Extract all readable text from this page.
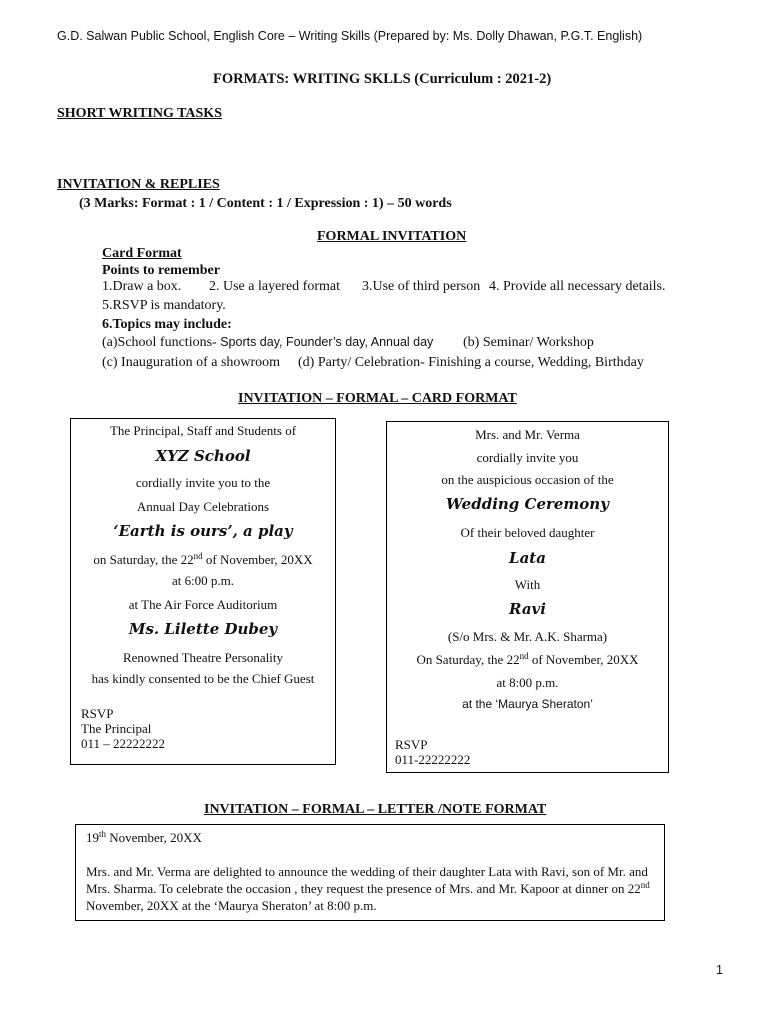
G.D. Salwan Public School, English Core – Writing Skills (Prepared by: Ms. Dolly Dhawan, P.G.T. English)
FORMATS: WRITING SKLLS (Curriculum : 2021-2)
SHORT WRITING TASKS
INVITATION & REPLIES
(3 Marks: Format : 1 / Content : 1 / Expression : 1) – 50 words
FORMAL INVITATION
Card Format
Points to remember
1.Draw a box. 2. Use a layered format 3.Use of third person 4. Provide all necessary details.
5.RSVP is mandatory.
6.Topics may include:
(a)School functions- Sports day, Founder’s day, Annual day (b) Seminar/ Workshop
(c) Inauguration of a showroom (d) Party/ Celebration- Finishing a course, Wedding, Birthday
INVITATION – FORMAL – CARD FORMAT
The Principal, Staff and Students of
XYZ School
cordially invite you to the
Annual Day Celebrations
‘Earth is ours’, a play
on Saturday, the 22nd of November, 20XX
at 6:00 p.m.
at The Air Force Auditorium
Ms. Lilette Dubey
Renowned Theatre Personality
has kindly consented to be the Chief Guest
RSVP
The Principal
011 – 22222222
Mrs. and Mr. Verma
cordially invite you
on the auspicious occasion of the
Wedding Ceremony
Of their beloved daughter
Lata
With
Ravi
(S/o Mrs. & Mr. A.K. Sharma)
On Saturday, the 22nd of November, 20XX
at 8:00 p.m.
at the ‘Maurya Sheraton’
RSVP
011-22222222
INVITATION – FORMAL – LETTER /NOTE FORMAT
19th November, 20XX
Mrs. and Mr. Verma are delighted to announce the wedding of their daughter Lata with Ravi, son of Mr. and Mrs. Sharma. To celebrate the occasion , they request the presence of Mrs. and Mr. Kapoor at dinner on 22nd November, 20XX at the ‘Maurya Sheraton’ at 8:00 p.m.
1
